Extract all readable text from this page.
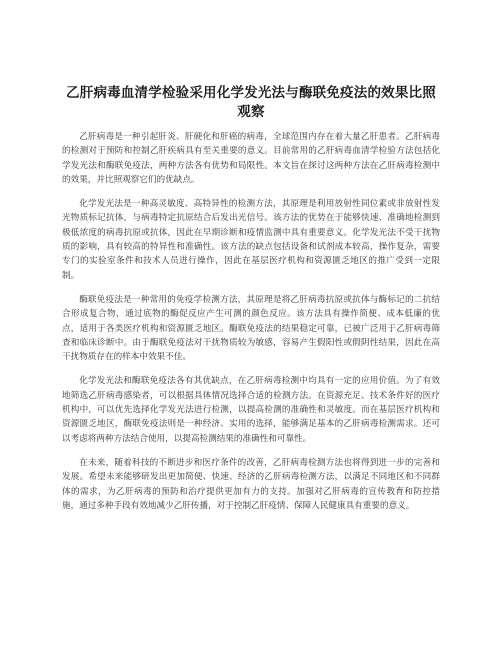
乙肝病毒血清学检验采用化学发光法与酶联免疫法的效果比照观察

乙肝病毒是一种引起肝炎、肝硬化和肝癌的病毒，全球范围内存在着大量乙肝患者。乙肝病毒的检测对于预防和控制乙肝疾病具有至关重要的意义。目前常用的乙肝病毒血清学检验方法包括化学发光法和酶联免疫法，两种方法各有优势和局限性。本文旨在探讨这两种方法在乙肝病毒检测中的效果，并比照观察它们的优缺点。

化学发光法是一种高灵敏度、高特异性的检测方法，其原理是利用放射性同位素或非放射性发光物质标记抗体，与病毒特定抗原结合后发出光信号。该方法的优势在于能够快速、准确地检测到极低浓度的病毒抗原或抗体，因此在早期诊断和疫情监测中具有重要意义。化学发光法不受干扰物质的影响，具有较高的特异性和准确性。该方法的缺点包括设备和试剂成本较高，操作复杂，需要专门的实验室条件和技术人员进行操作，因此在基层医疗机构和资源匮乏地区的推广受到一定限制。

酶联免疫法是一种常用的免疫学检测方法，其原理是将乙肝病毒抗原或抗体与酶标记的二抗结合形成复合物，通过底物的酶促反应产生可测的颜色反应。该方法具有操作简便、成本低廉的优点，适用于各类医疗机构和资源匮乏地区。酶联免疫法的结果稳定可靠，已被广泛用于乙肝病毒筛查和临床诊断中。由于酶联免疫法对干扰物质较为敏感，容易产生假阳性或假阴性结果，因此在高干扰物质存在的样本中效果不佳。

化学发光法和酶联免疫法各有其优缺点，在乙肝病毒检测中均具有一定的应用价值。为了有效地筛选乙肝病毒感染者，可以根据具体情况选择合适的检测方法。在资源充足、技术条件好的医疗机构中，可以优先选择化学发光法进行检测，以提高检测的准确性和灵敏度。而在基层医疗机构和资源匮乏地区，酶联免疫法则是一种经济、实用的选择，能够满足基本的乙肝病毒检测需求。还可以考虑将两种方法结合使用，以提高检测结果的准确性和可靠性。

在未来，随着科技的不断进步和医疗条件的改善，乙肝病毒检测方法也将得到进一步的完善和发展。希望未来能够研发出更加简便、快速、经济的乙肝病毒检测方法，以满足不同地区和不同群体的需求，为乙肝病毒的预防和治疗提供更加有力的支持。加强对乙肝病毒的宣传教育和防控措施，通过多种手段有效地减少乙肝传播，对于控制乙肝疫情、保障人民健康具有重要的意义。
